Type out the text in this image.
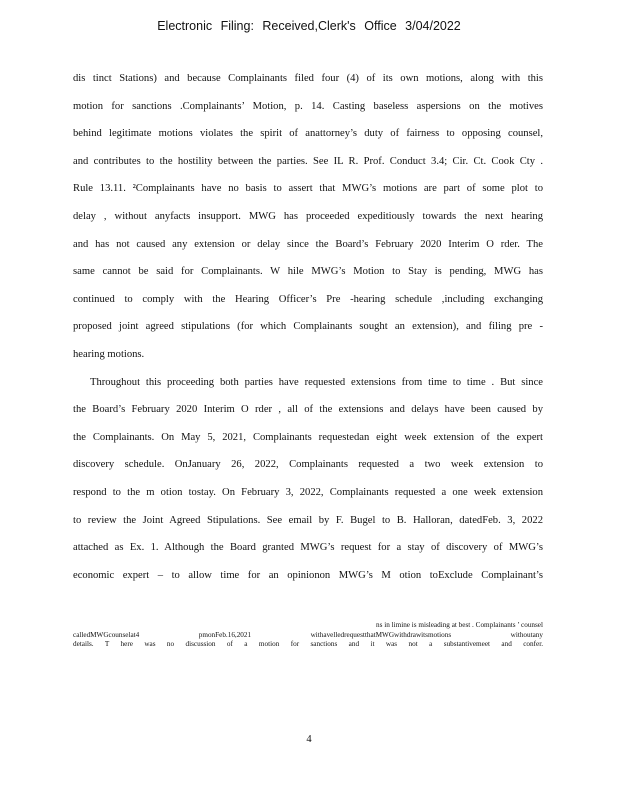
Electronic Filing: Received,Clerk's Office 3/04/2022
dis tinct Stations) and because Complainants filed four (4) of its own motions, along with this
motion for sanctions .Complainants’ Motion, p. 14. Casting baseless aspersions on the motives
behind legitimate motions violates the spirit of anattorney’s duty of fairness to opposing counsel,
and contributes to the hostility between the parties. See IL R. Prof. Conduct 3.4; Cir. Ct. Cook Cty .
Rule 13.11. ²Complainants have no basis to assert that MWG’s motions are part of some plot to
delay , without anyfacts insupport. MWG has proceeded expeditiously towards the next hearing
and has not caused any extension or delay since the Board’s February 2020 Interim O rder. The
same cannot be said for Complainants. W hile MWG’s Motion to Stay is pending, MWG has
continued to comply with the Hearing Officer’s Pre -hearing schedule ,including exchanging
proposed joint agreed stipulations (for which Complainants sought an extension), and filing pre -
hearing motions.
Throughout this proceeding both parties have requested extensions from time to time . But since
the Board’s February 2020 Interim O rder , all of the extensions and delays have been caused by
the Complainants. On May 5, 2021, Complainants requestedan eight week extension of the expert
discovery schedule. OnJanuary 26, 2022, Complainants requested a two week extension to
respond to the m otion tostay. On February 3, 2022, Complainants requested a one week extension
to review the Joint Agreed Stipulations. See email by F. Bugel to B. Halloran, datedFeb. 3, 2022
attached as Ex. 1. Although the Board granted MWG’s request for a stay of discovery of MWG’s
economic expert – to allow time for an opinionon MWG’s M otion toExclude Complainant’s
ns in limine is misleading at best . Complainants ’ counsel
calledMWGcounselat4 pmonFeb.16,2021 withavelledrequestthatMWGwithdrawitsmotions withoutany
details. T here was no discussion of a motion for sanctions and it was not a substantivemeet and confer.
4
